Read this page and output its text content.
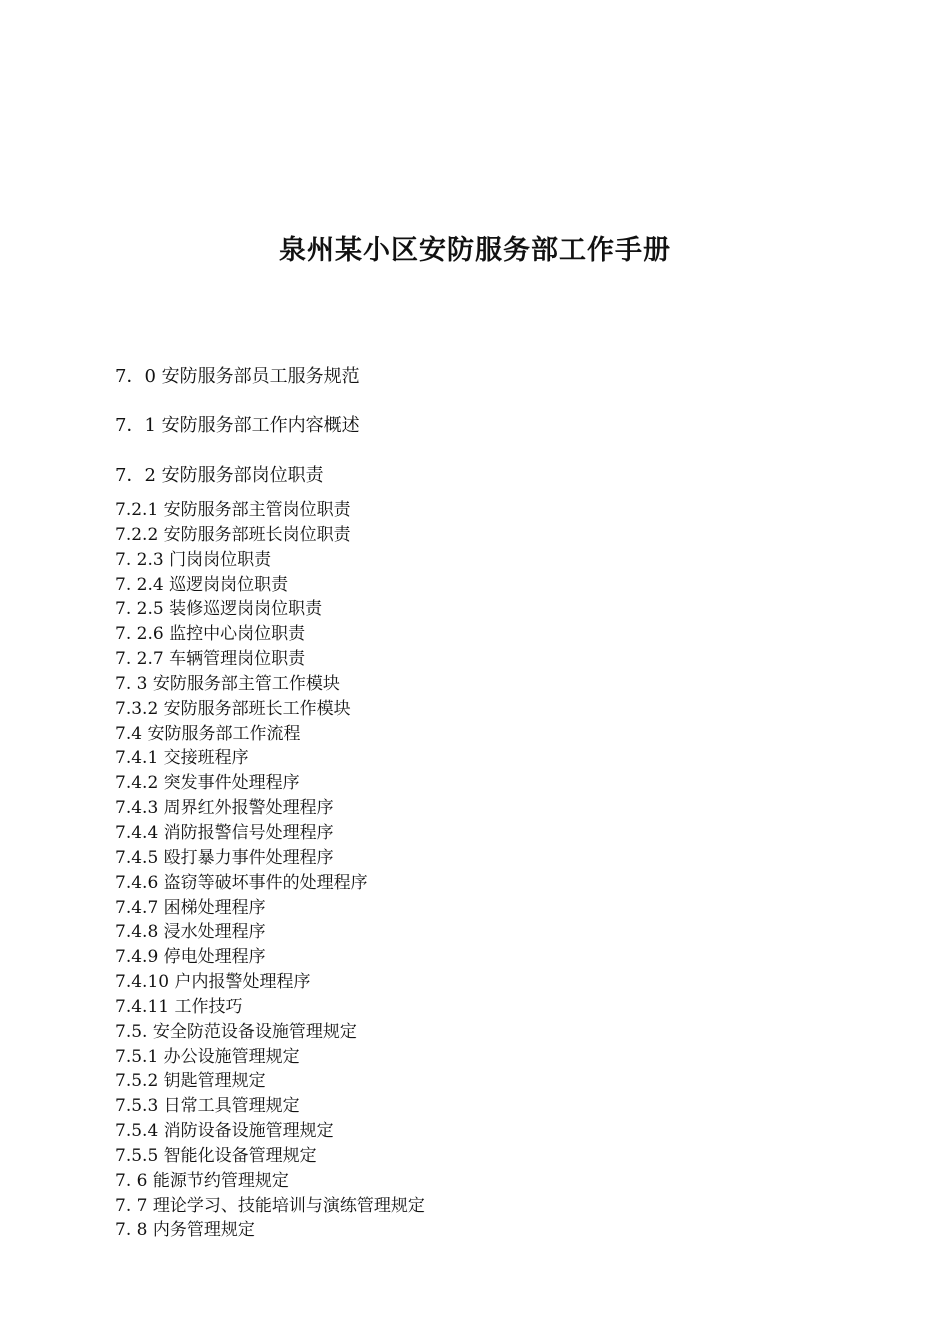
泉州某小区安防服务部工作手册
7．0 安防服务部员工服务规范
7．1 安防服务部工作内容概述
7．2 安防服务部岗位职责
7.2.1 安防服务部主管岗位职责
7.2.2 安防服务部班长岗位职责
7. 2.3 门岗岗位职责
7. 2.4 巡逻岗岗位职责
7. 2.5 装修巡逻岗岗位职责
7. 2.6 监控中心岗位职责
7. 2.7 车辆管理岗位职责
7. 3 安防服务部主管工作模块
7.3.2 安防服务部班长工作模块
7.4 安防服务部工作流程
7.4.1 交接班程序
7.4.2 突发事件处理程序
7.4.3 周界红外报警处理程序
7.4.4 消防报警信号处理程序
7.4.5 殴打暴力事件处理程序
7.4.6 盗窃等破坏事件的处理程序
7.4.7 困梯处理程序
7.4.8 浸水处理程序
7.4.9 停电处理程序
7.4.10 户内报警处理程序
7.4.11 工作技巧
7.5. 安全防范设备设施管理规定
7.5.1 办公设施管理规定
7.5.2 钥匙管理规定
7.5.3 日常工具管理规定
7.5.4 消防设备设施管理规定
7.5.5 智能化设备管理规定
7. 6 能源节约管理规定
7. 7 理论学习、技能培训与演练管理规定
7. 8 内务管理规定
